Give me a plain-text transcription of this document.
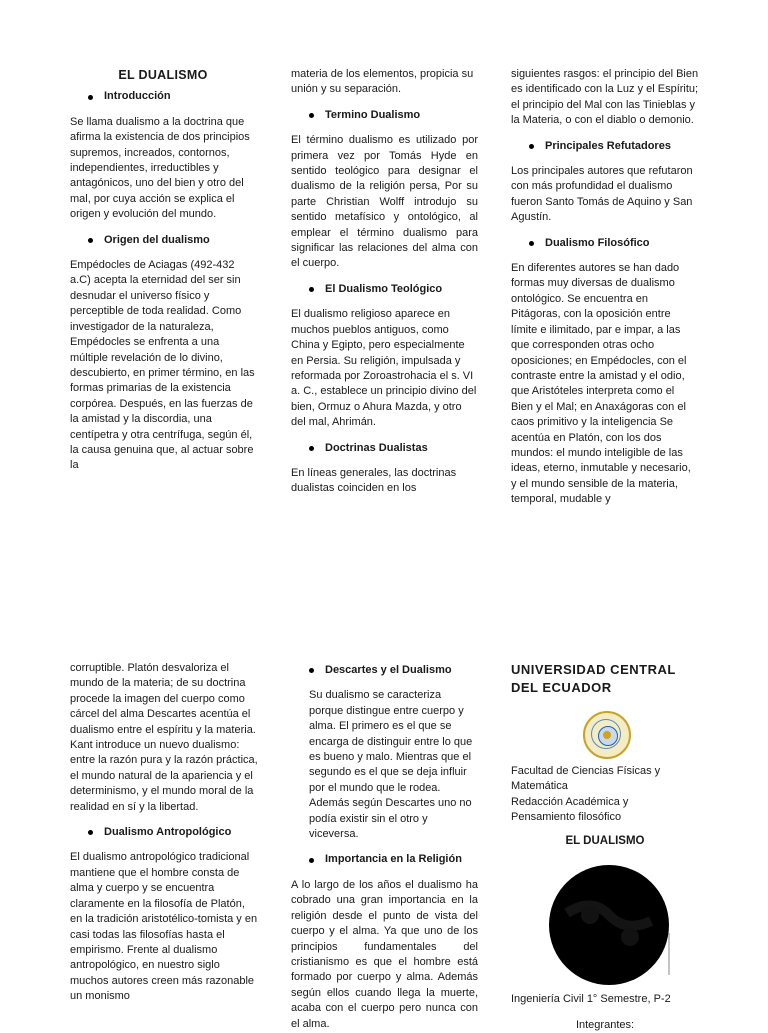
EL DUALISMO
Introducción

Se llama dualismo a la doctrina que afirma la existencia de dos principios supremos, increados, contornos, independientes, irreductibles y antagónicos, uno del bien y otro del mal, por cuya acción se explica el origen y evolución del mundo.

Origen del dualismo

Empédocles de Aciagas (492-432 a.C) acepta la eternidad del ser sin desnudar el universo físico y perceptible de toda realidad. Como investigador de la naturaleza, Empédocles se enfrenta a una múltiple revelación de lo divino, descubierto, en primer término, en las formas primarias de la existencia corpórea. Después, en las fuerzas de la amistad y la discordia, una centípetra y otra centrífuga, según él, la causa genuina que, al actuar sobre la

materia de los elementos, propicia su unión y su separación.

Termino Dualismo

El término dualismo es utilizado por primera vez por Tomás Hyde en sentido teológico para designar el dualismo de la religión persa, Por su parte Christian Wolff introdujo su sentido metafísico y ontológico, al emplear el término dualismo para significar las relaciones del alma con el cuerpo.

El Dualismo Teológico

El dualismo religioso aparece en muchos pueblos antiguos, como China y Egipto, pero especialmente en Persia. Su religión, impulsada y reformada por Zoroastrohacia el s. VI a. C., establece un principio divino del bien, Ormuz o Ahura Mazda, y otro del mal, Ahrimán.

Doctrinas Dualistas

En líneas generales, las doctrinas dualistas coinciden en los

siguientes rasgos: el principio del Bien es identificado con la Luz y el Espíritu; el principio del Mal con las Tinieblas y la Materia, o con el diablo o demonio.

Principales Refutadores

Los principales autores que refutaron con más profundidad el dualismo fueron Santo Tomás de Aquino y San Agustín.

Dualismo Filosófico

En diferentes autores se han dado formas muy diversas de dualismo ontológico. Se encuentra en Pitágoras, con la oposición entre límite e ilimitado, par e impar, a las que corresponden otras ocho oposiciones; en Empédocles, con el contraste entre la amistad y el odio, que Aristóteles interpreta como el Bien y el Mal; en Anaxágoras con el caos primitivo y la inteligencia Se acentúa en Platón, con los dos mundos: el mundo inteligible de las ideas, eterno, inmutable y necesario, y el mundo sensible de la materia, temporal, mudable y

corruptible. Platón desvaloriza el mundo de la materia; de su doctrina procede la imagen del cuerpo como cárcel del alma Descartes acentúa el dualismo entre el espíritu y la materia. Kant introduce un nuevo dualismo: entre la razón pura y la razón práctica, el mundo natural de la apariencia y el determinismo, y el mundo moral de la realidad en sí y la libertad.

Dualismo Antropológico

El dualismo antropológico tradicional mantiene que el hombre consta de alma y cuerpo y se encuentra claramente en la filosofía de Platón, en la tradición aristotélico-tomista y en casi todas las filosofías hasta el empirismo. Frente al dualismo antropológico, en nuestro siglo muchos autores creen más razonable un monismo

Descartes y el Dualismo

Su dualismo se caracteriza porque distingue entre cuerpo y alma. El primero es el que se encarga de distinguir entre lo que es bueno y malo. Mientras que el segundo es el que se deja influir por el mundo que le rodea. Además según Descartes uno no podía existir sin el otro y viceversa.

Importancia en la Religión

A lo largo de los años el dualismo ha cobrado una gran importancia en la religión desde el punto de vista del cuerpo y el alma. Ya que uno de los principios fundamentales del cristianismo es que el hombre está formado por cuerpo y alma. Además según ellos cuando llega la muerte, acaba con el cuerpo pero nunca con el alma.

UNIVERSIDAD CENTRAL DEL ECUADOR

Facultad de Ciencias Físicas y Matemática

Redacción Académica y Pensamiento filosófico

EL DUALISMO

Ingeniería Civil 1° Semestre, P-2

Integrantes:
